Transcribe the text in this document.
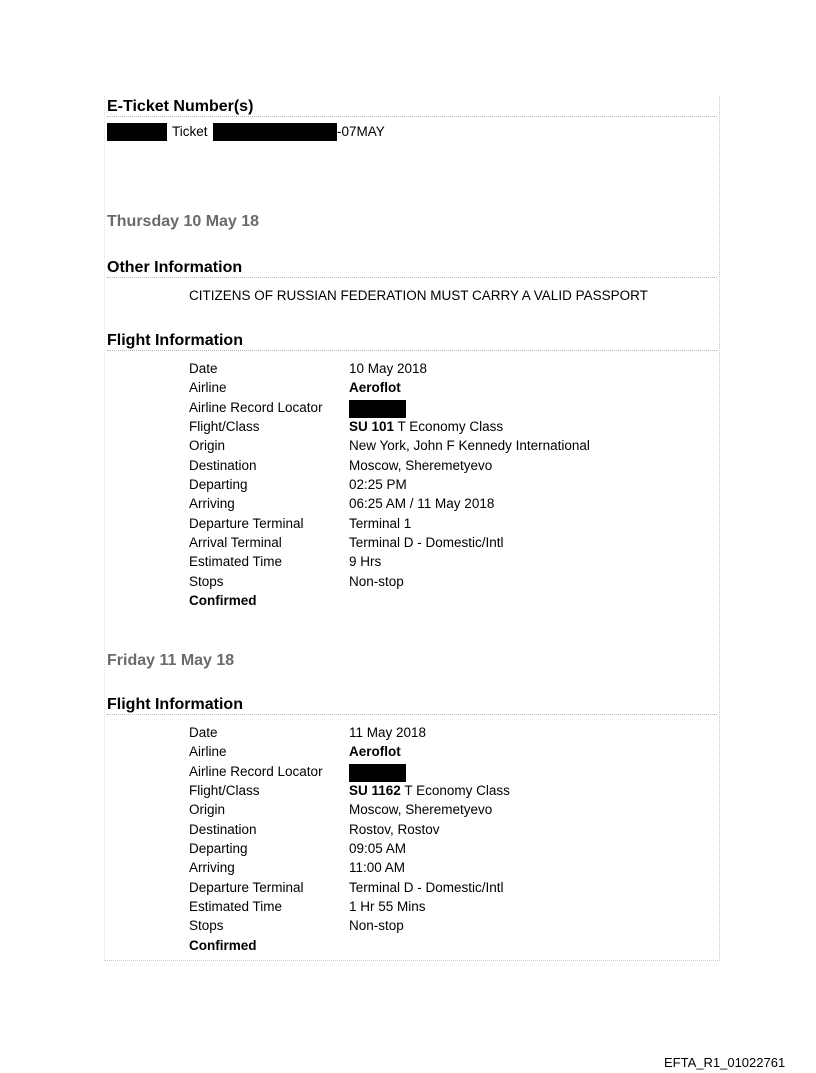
E-Ticket Number(s)
Ticket	-07MAY
Thursday 10 May 18
Other Information
CITIZENS OF RUSSIAN FEDERATION MUST CARRY A VALID PASSPORT
Flight Information
Date	10 May 2018
Airline	Aeroflot
Airline Record Locator
Flight/Class	SU 101 T Economy Class
Origin	New York, John F Kennedy International
Destination	Moscow, Sheremetyevo
Departing	02:25 PM
Arriving	06:25 AM / 11 May 2018
Departure Terminal	Terminal 1
Arrival Terminal	Terminal D - Domestic/Intl
Estimated Time	9 Hrs
Stops	Non-stop
Confirmed
Friday 11 May 18
Flight Information
Date	11 May 2018
Airline	Aeroflot
Airline Record Locator
Flight/Class	SU 1162 T Economy Class
Origin	Moscow, Sheremetyevo
Destination	Rostov, Rostov
Departing	09:05 AM
Arriving	11:00 AM
Departure Terminal	Terminal D - Domestic/Intl
Estimated Time	1 Hr 55 Mins
Stops	Non-stop
Confirmed
EFTA_R1_01022761
